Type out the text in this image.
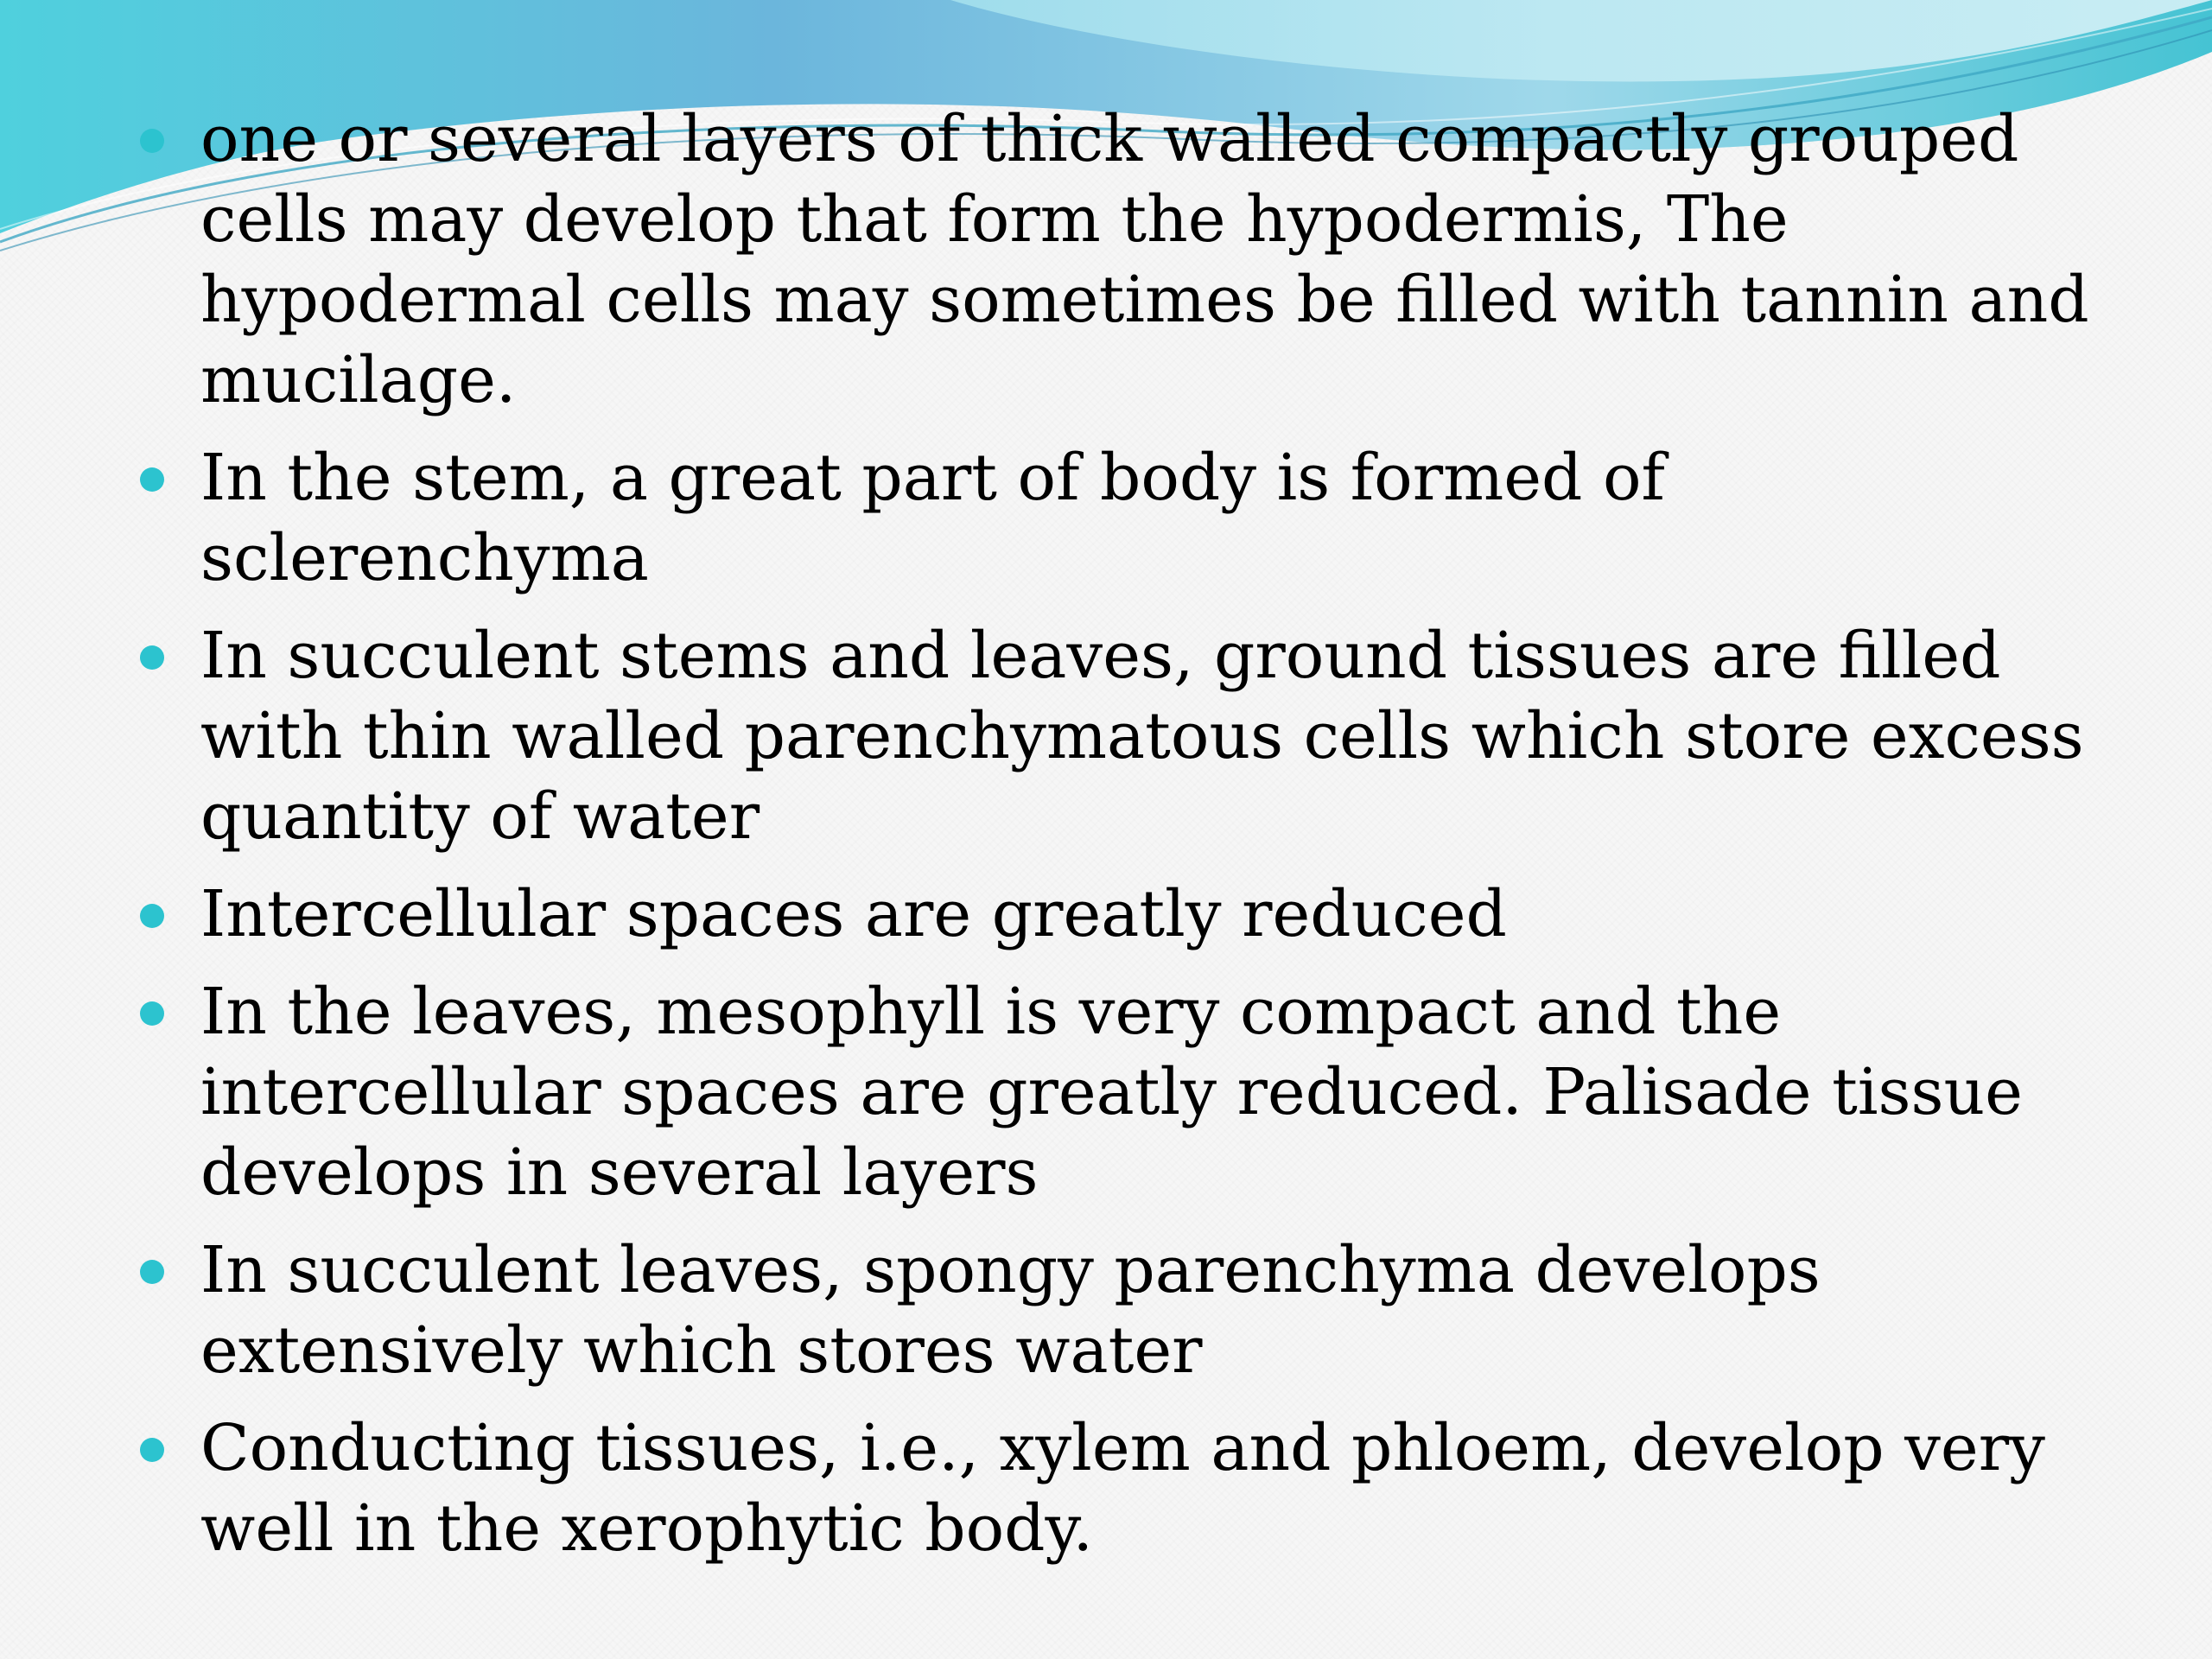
one or several layers of thick walled compactly grouped cells may develop that form the hypodermis, The hypodermal cells may sometimes be filled with tannin and mucilage.
In the stem, a great part of body is formed of sclerenchyma
In succulent stems and leaves, ground tissues are filled with thin walled parenchymatous cells which store excess quantity of water
Intercellular spaces are greatly reduced
In the leaves, mesophyll is very compact and the intercellular spaces are greatly reduced. Palisade tissue develops in several layers
In succulent leaves, spongy parenchyma develops extensively which stores water
Conducting tissues, i.e., xylem and phloem, develop very well in the xerophytic body.
